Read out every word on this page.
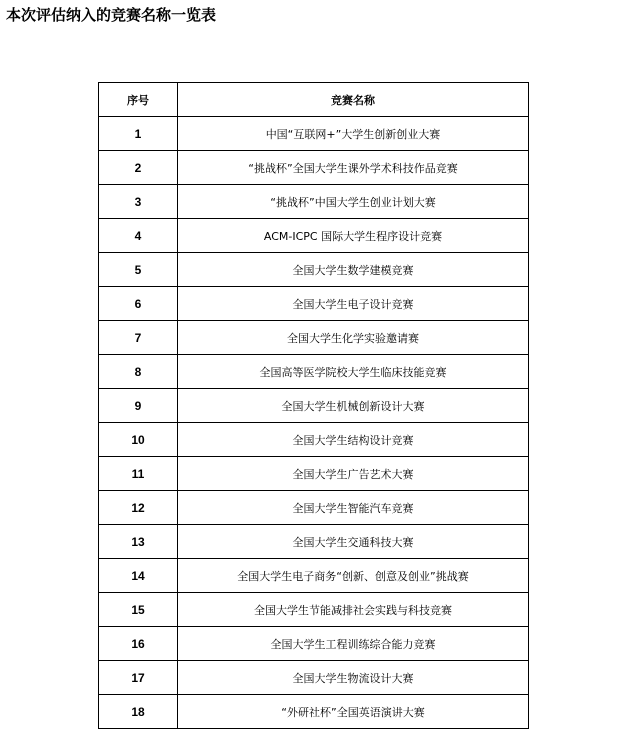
本次评估纳入的竞赛名称一览表
序号	竞赛名称
1	中国“互联网+”大学生创新创业大赛
2	“挑战杯”全国大学生课外学术科技作品竞赛
3	“挑战杯”中国大学生创业计划大赛
4	ACM-ICPC 国际大学生程序设计竞赛
5	全国大学生数学建模竞赛
6	全国大学生电子设计竞赛
7	全国大学生化学实验邀请赛
8	全国高等医学院校大学生临床技能竞赛
9	全国大学生机械创新设计大赛
10	全国大学生结构设计竞赛
11	全国大学生广告艺术大赛
12	全国大学生智能汽车竞赛
13	全国大学生交通科技大赛
14	全国大学生电子商务“创新、创意及创业”挑战赛
15	全国大学生节能减排社会实践与科技竞赛
16	全国大学生工程训练综合能力竞赛
17	全国大学生物流设计大赛
18	“外研社杯”全国英语演讲大赛
